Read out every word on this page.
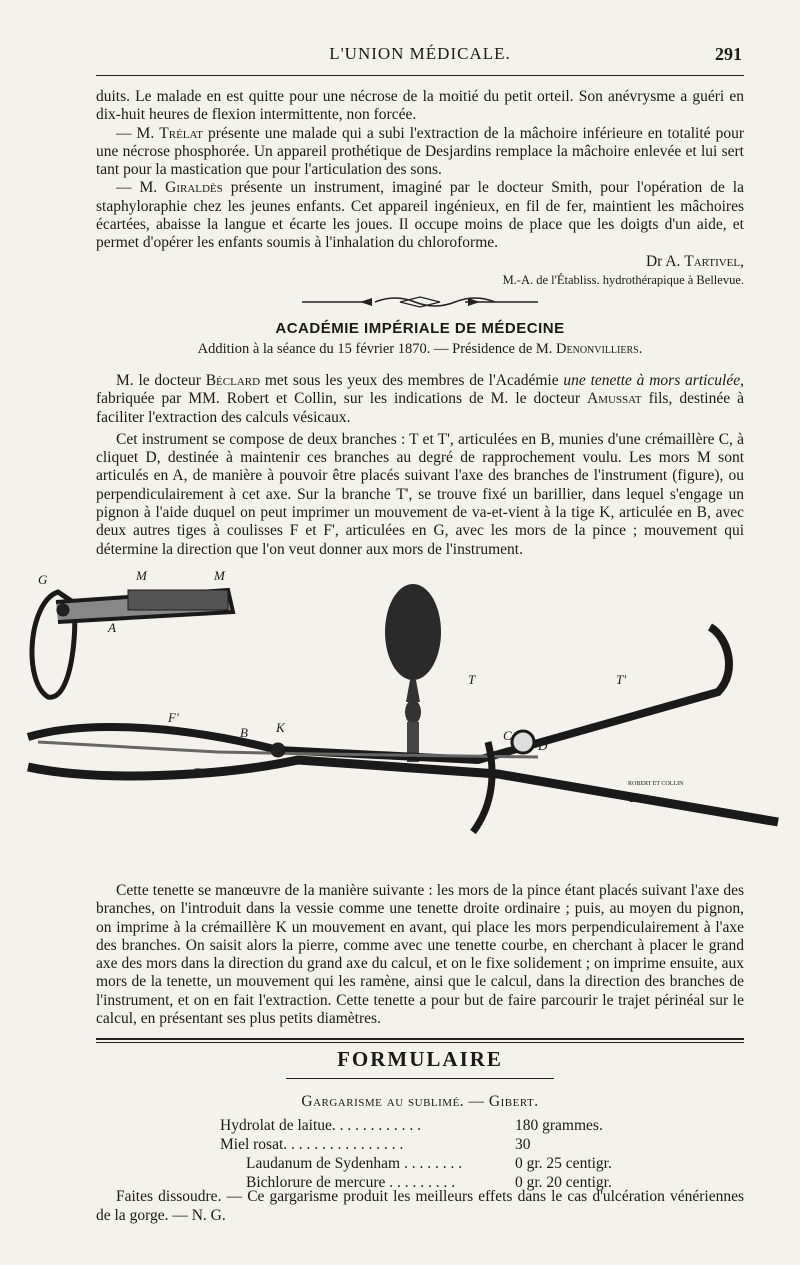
L'UNION MÉDICALE.	291

duits. Le malade en est quitte pour une nécrose de la moitié du petit orteil. Son anévrysme a guéri en dix-huit heures de flexion intermittente, non forcée.

— M. Trélat présente une malade qui a subi l'extraction de la mâchoire inférieure en totalité pour une nécrose phosphorée. Un appareil prothétique de Desjardins remplace la mâchoire enlevée et lui sert tant pour la mastication que pour l'articulation des sons.

— M. Giraldès présente un instrument, imaginé par le docteur Smith, pour l'opération de la staphyloraphie chez les jeunes enfants. Cet appareil ingénieux, en fil de fer, maintient les mâchoires écartées, abaisse la langue et écarte les joues. Il occupe moins de place que les doigts d'un aide, et permet d'opérer les enfants soumis à l'inhalation du chloroforme.

Dr A. Tartivel,

M.-A. de l'Établiss. hydrothérapique à Bellevue.

ACADÉMIE IMPÉRIALE DE MÉDECINE
Addition à la séance du 15 février 1870. — Présidence de M. Denonvilliers.

M. le docteur Béclard met sous les yeux des membres de l'Académie une tenette à mors articulée, fabriquée par MM. Robert et Collin, sur les indications de M. le docteur Amussat fils, destinée à faciliter l'extraction des calculs vésicaux.

Cet instrument se compose de deux branches : T et T', articulées en B, munies d'une crémaillère C, à cliquet D, destinée à maintenir ces branches au degré de rapprochement voulu. Les mors M sont articulés en A, de manière à pouvoir être placés suivant l'axe des branches de l'instrument (figure), ou perpendiculairement à cet axe. Sur la branche T', se trouve fixé un barillier, dans lequel s'engage un pignon à l'aide duquel on peut imprimer un mouvement de va-et-vient à la tige K, articulée en B, avec deux autres tiges à coulisses F et F', articulées en G, avec les mors de la pince ; mouvement qui détermine la direction que l'on veut donner aux mors de l'instrument.

G	M
A
M
F
K
B
F'
T	T'
C
D
T
ROBERT ET COLLIN

Cette tenette se manœuvre de la manière suivante : les mors de la pince étant placés suivant l'axe des branches, on l'introduit dans la vessie comme une tenette droite ordinaire ; puis, au moyen du pignon, on imprime à la crémaillère K un mouvement en avant, qui place les mors perpendiculairement à l'axe des branches. On saisit alors la pierre, comme avec une tenette courbe, en cherchant à placer le grand axe des mors dans la direction du grand axe du calcul, et on le fixe solidement ; on imprime ensuite, aux mors de la tenette, un mouvement qui les ramène, ainsi que le calcul, dans la direction des branches de l'instrument, et on en fait l'extraction. Cette tenette a pour but de faire parcourir le trajet périnéal sur le calcul, en présentant ses plus petits diamètres.

FORMULAIRE
Gargarisme au sublimé. — Gibert.
Hydrolat de laitue. . . . . . . . . . . .	180 grammes.
Miel rosat. . . . . . . . . . . . . . . .	30
Laudanum de Sydenham . . . . . . . .	0 gr. 25 centigr.
Bichlorure de mercure . . . . . . . . .	0 gr. 20 centigr.
Faites dissoudre. — Ce gargarisme produit les meilleurs effets dans le cas d'ulcération vénériennes de la gorge. — N. G.
